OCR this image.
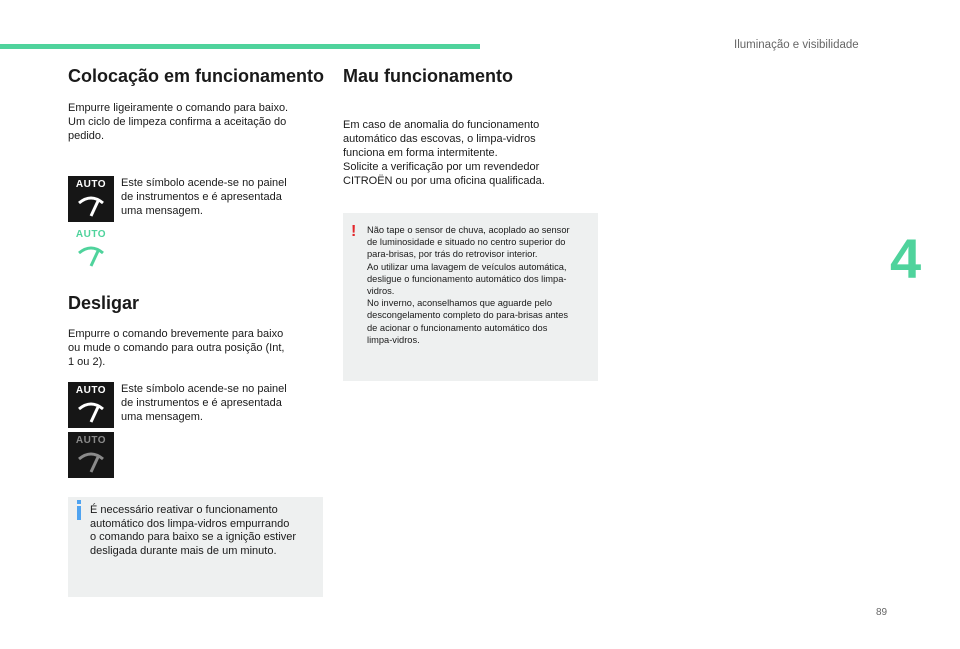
Iluminação e visibilidade
4
Colocação em funcionamento

Empurre ligeiramente o comando para baixo.
Um ciclo de limpeza confirma a aceitação do
pedido.

AUTO Este símbolo acende-se no painel
de instrumentos e é apresentada
uma mensagem.

AUTO
Desligar

Empurre o comando brevemente para baixo
ou mude o comando para outra posição (Int,
1 ou 2).

AUTO Este símbolo acende-se no painel
de instrumentos e é apresentada
uma mensagem.

AUTO

É necessário reativar o funcionamento
automático dos limpa-vidros empurrando
o comando para baixo se a ignição estiver
desligada durante mais de um minuto.

Mau funcionamento

Em caso de anomalia do funcionamento
automático das escovas, o limpa-vidros
funciona em forma intermitente.
Solicite a verificação por um revendedor
CITROËN ou por uma oficina qualificada.

Não tape o sensor de chuva, acoplado ao sensor
de luminosidade e situado no centro superior do
para-brisas, por trás do retrovisor interior.
Ao utilizar uma lavagem de veículos automática,
desligue o funcionamento automático dos limpa-
vidros.
No inverno, aconselhamos que aguarde pelo
descongelamento completo do para-brisas antes
de acionar o funcionamento automático dos
limpa-vidros.

!
89
